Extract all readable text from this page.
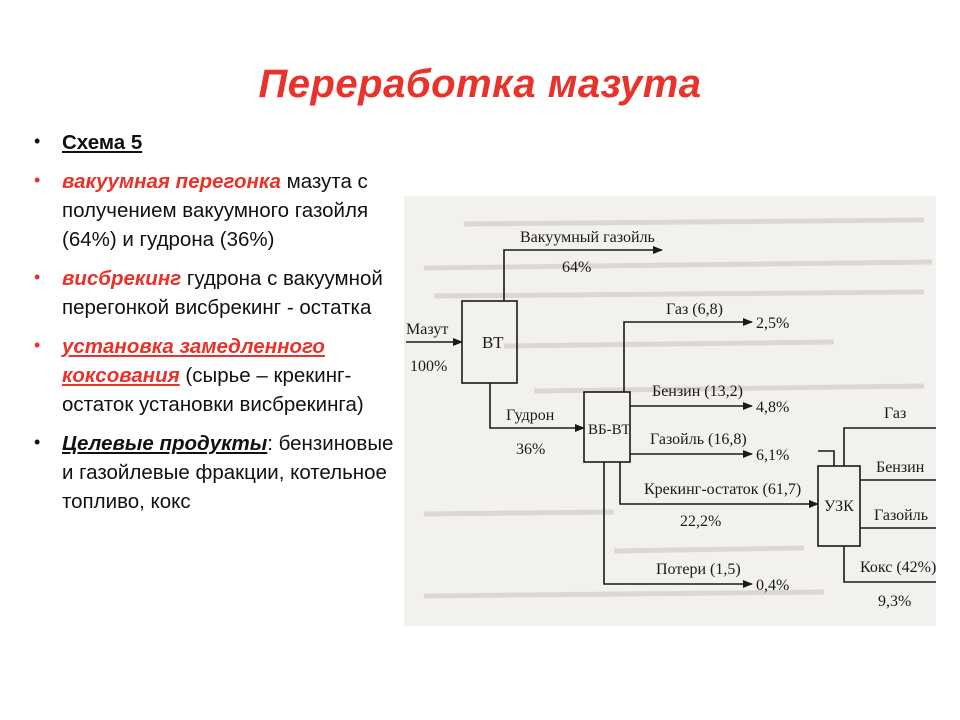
Переработка мазута
• Схема 5
• вакуумная перегонка мазута с получением вакуумного газойля (64%) и гудрона (36%)
• висбрекинг гудрона с вакуумной перегонкой висбрекинг - остатка
• установка замедленного коксования (сырье – крекинг-остаток установки висбрекинга)
• Целевые продукты: бензиновые и газойлевые фракции, котельное топливо, кокс
ВТ
ВБ-ВТ
УЗК
Мазут
100%
Вакуумный газойль
64%
Гудрон
36%
Газ (6,8)
2,5%
Бензин (13,2)
4,8%
Газойль (16,8)
6,1%
Крекинг-остаток (61,7)
22,2%
Потери (1,5)
0,4%
Газ
Бензин
Газойль
Кокс (42%)
9,3%
